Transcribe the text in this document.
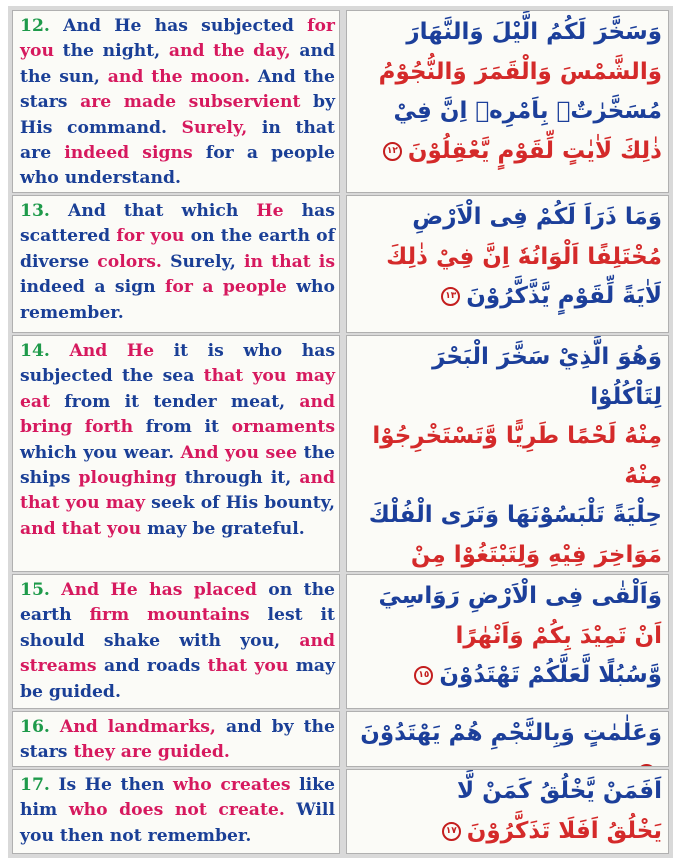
12. And He has subjected for you the night, and the day, and the sun, and the moon. And the stars are made subservient by His command. Surely, in that are indeed signs for a people who understand.

وَسَخَّرَ لَكُمُ الَّيْلَ وَالنَّهَارَ
وَالشَّمْسَ وَالْقَمَرَ وَالنُّجُوْمُ
مُسَخَّرٰتٌۢ بِاَمْرِهٖ اِنَّ فِيْ
ذٰلِكَ لَاٰيٰتٍ لِّقَوْمٍ يَّعْقِلُوْنَ١٢

13. And that which He has scattered for you on the earth of diverse colors. Surely, in that is indeed a sign for a people who remember.

وَمَا ذَرَاَ لَكُمْ فِى الْاَرْضِ
مُخْتَلِفًا اَلْوَانُهٗ اِنَّ فِيْ ذٰلِكَ
لَاٰيَةً لِّقَوْمٍ يَّذَّكَّرُوْنَ١٣

14. And He it is who has subjected the sea that you may eat from it tender meat, and bring forth from it ornaments which you wear. And you see the ships ploughing through it, and that you may seek of His bounty, and that you may be grateful.

وَهُوَ الَّذِيْ سَخَّرَ الْبَحْرَ لِتَاْكُلُوْا
مِنْهُ لَحْمًا طَرِيًّا وَّتَسْتَخْرِجُوْا مِنْهُ
حِلْيَةً تَلْبَسُوْنَهَا وَتَرَى الْفُلْكَ
مَوَاخِرَ فِيْهِ وَلِتَبْتَغُوْا مِنْ

15. And He has placed on the earth firm mountains lest it should shake with you, and streams and roads that you may be guided.

وَاَلْقٰى فِى الْاَرْضِ رَوَاسِيَ
اَنْ تَمِيْدَ بِكُمْ وَاَنْهٰرًا
وَّسُبُلًا لَّعَلَّكُمْ تَهْتَدُوْنَ١٥

16. And landmarks, and by the stars they are guided.

وَعَلٰمٰتٍ وَبِالنَّجْمِ هُمْ يَهْتَدُوْنَ

17. Is He then who creates like him who does not create. Will you then not remember.

اَفَمَنْ يَّخْلُقُ كَمَنْ لَّا
يَخْلُقُ اَفَلَا تَذَكَّرُوْنَ١٧
